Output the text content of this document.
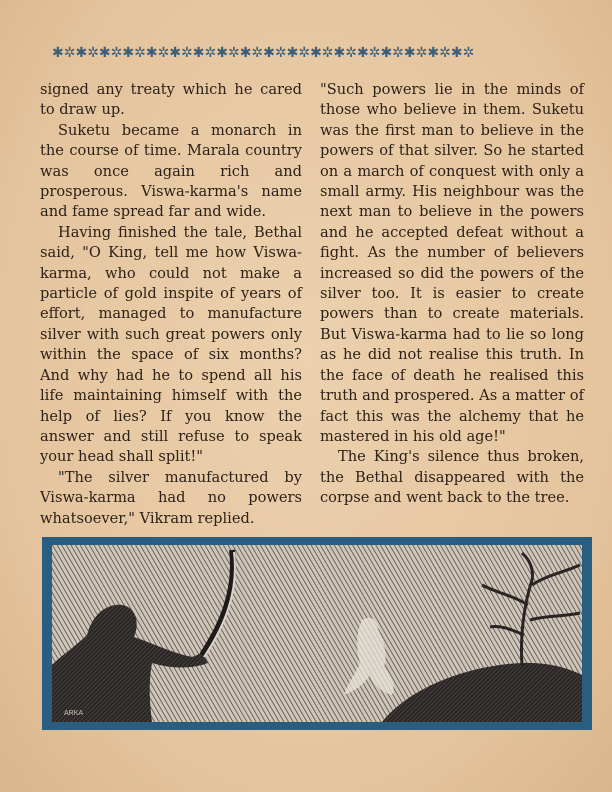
✱✲✱✲✱✲✱✲✱✲✱✲✱✲✱✲✱✲✱✲✱✲✱✲✱✲✱✲✱✲✱✲✱✲✱✲

signed any treaty which he cared to draw up.

Suketu became a monarch in the course of time. Marala country was once again rich and prosperous. Viswa-karma's name and fame spread far and wide.

Having finished the tale, Bethal said, "O King, tell me how Viswa-karma, who could not make a particle of gold inspite of years of effort, managed to manufacture silver with such great powers only within the space of six months? And why had he to spend all his life maintaining himself with the help of lies? If you know the answer and still refuse to speak your head shall split!"

"The silver manufactured by Viswa-karma had no powers whatsoever," Vikram replied.

"Such powers lie in the minds of those who believe in them. Suketu was the first man to believe in the powers of that silver. So he started on a march of conquest with only a small army. His neighbour was the next man to believe in the powers and he accepted defeat without a fight. As the number of believers increased so did the powers of the silver too. It is easier to create powers than to create materials. But Viswa-karma had to lie so long as he did not realise this truth. In the face of death he realised this truth and prospered. As a matter of fact this was the alchemy that he mastered in his old age!"

The King's silence thus broken, the Bethal disappeared with the corpse and went back to the tree.

ARKA
